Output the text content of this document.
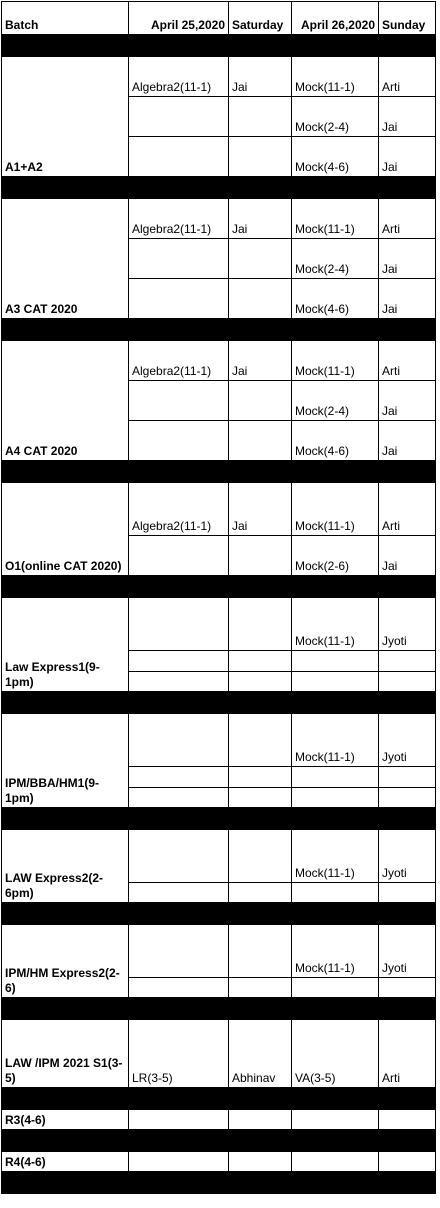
Batch	April 25,2020	Saturday	April 26,2020	Sunday

A1+A2	Algebra2(11-1)	Jai	Mock(11-1)	Arti
			Mock(2-4)	Jai
			Mock(4-6)	Jai

A3 CAT 2020	Algebra2(11-1)	Jai	Mock(11-1)	Arti
			Mock(2-4)	Jai
			Mock(4-6)	Jai

A4 CAT 2020	Algebra2(11-1)	Jai	Mock(11-1)	Arti
			Mock(2-4)	Jai
			Mock(4-6)	Jai

O1(online CAT 2020)	Algebra2(11-1)	Jai	Mock(11-1)	Arti
			Mock(2-6)	Jai

Law Express1(9-1pm)			Mock(11-1)	Jyoti

IPM/BBA/HM1(9-1pm)			Mock(11-1)	Jyoti

LAW Express2(2-6pm)			Mock(11-1)	Jyoti

IPM/HM Express2(2-6)			Mock(11-1)	Jyoti

LAW /IPM 2021 S1(3-5)	LR(3-5)	Abhinav	VA(3-5)	Arti

R3(4-6)				

R4(4-6)				
